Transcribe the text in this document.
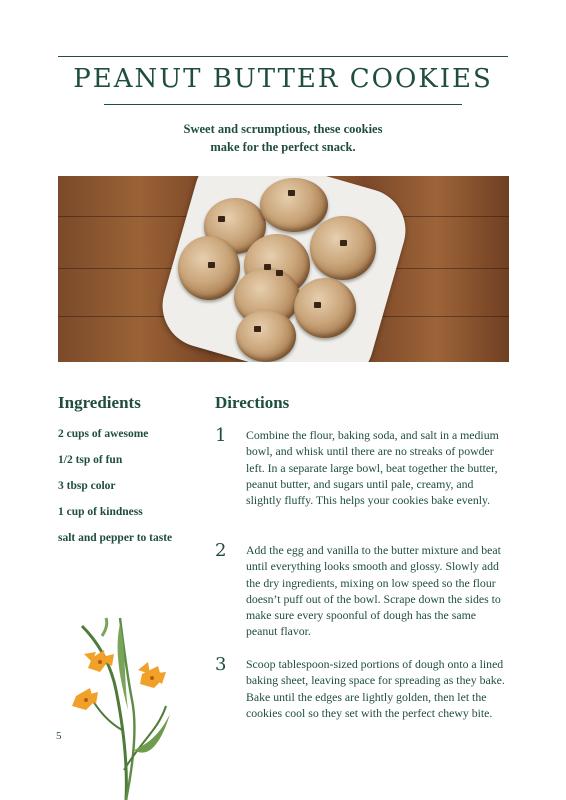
PEANUT BUTTER COOKIES
Sweet and scrumptious, these cookies
make for the perfect snack.
Ingredients
2 cups of awesome
1/2 tsp of fun
3 tbsp color
1 cup of kindness
salt and pepper to taste
Directions
1 Combine the flour, baking soda, and salt in a medium bowl, and whisk until there are no streaks of powder left. In a separate large bowl, beat together the butter, peanut butter, and sugars until pale, creamy, and slightly fluffy. This helps your cookies bake evenly.
2 Add the egg and vanilla to the butter mixture and beat until everything looks smooth and glossy. Slowly add the dry ingredients, mixing on low speed so the flour doesn’t puff out of the bowl. Scrape down the sides to make sure every spoonful of dough has the same peanut flavor.
3 Scoop tablespoon-sized portions of dough onto a lined baking sheet, leaving space for spreading as they bake. Bake until the edges are lightly golden, then let the cookies cool so they set with the perfect chewy bite.
5
